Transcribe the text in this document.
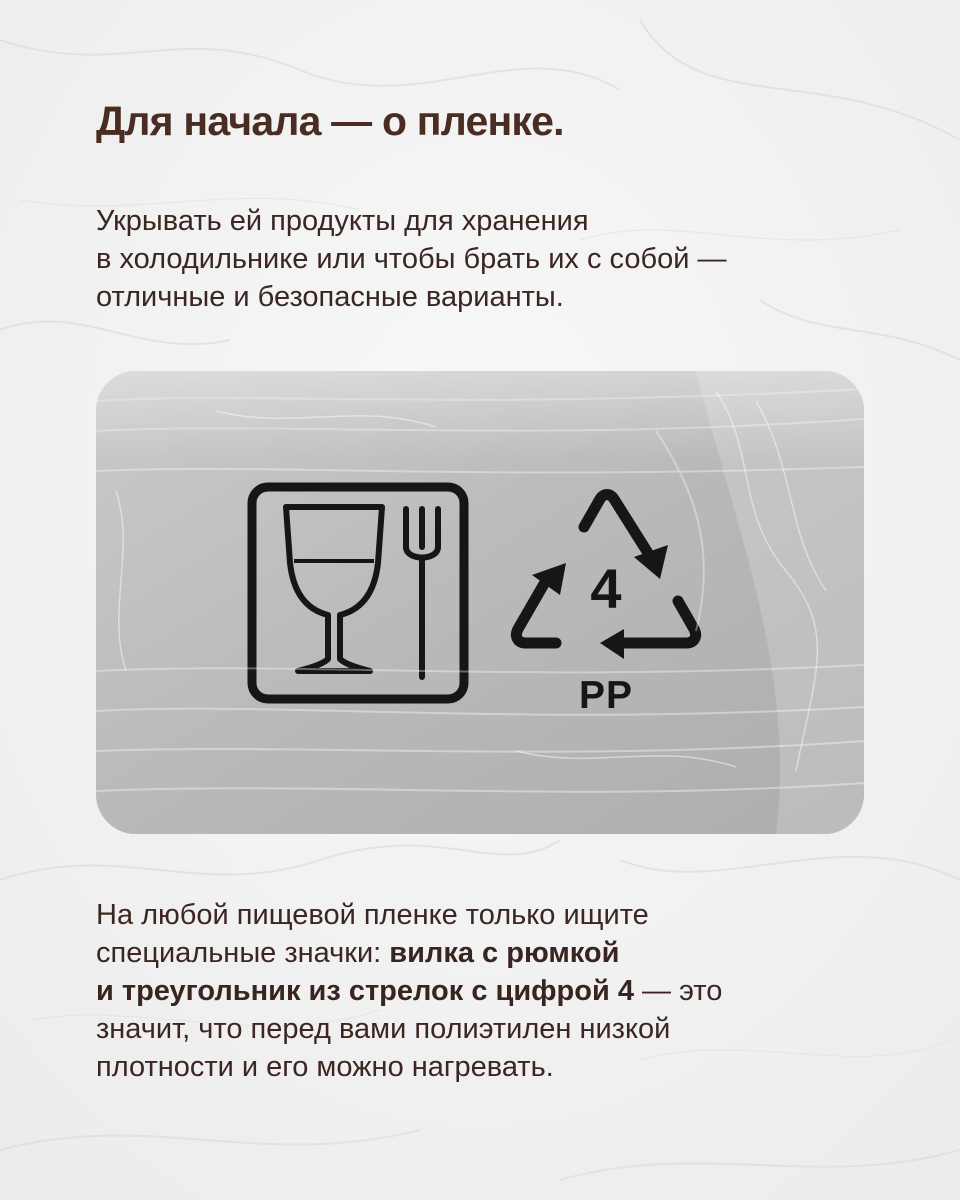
Для начала — о пленке.

Укрывать ей продукты для хранения
в холодильнике или чтобы брать их с собой —
отличные и безопасные варианты.

4
PP

На любой пищевой пленке только ищите
специальные значки: вилка с рюмкой
и треугольник из стрелок с цифрой 4 — это
значит, что перед вами полиэтилен низкой
плотности и его можно нагревать.
